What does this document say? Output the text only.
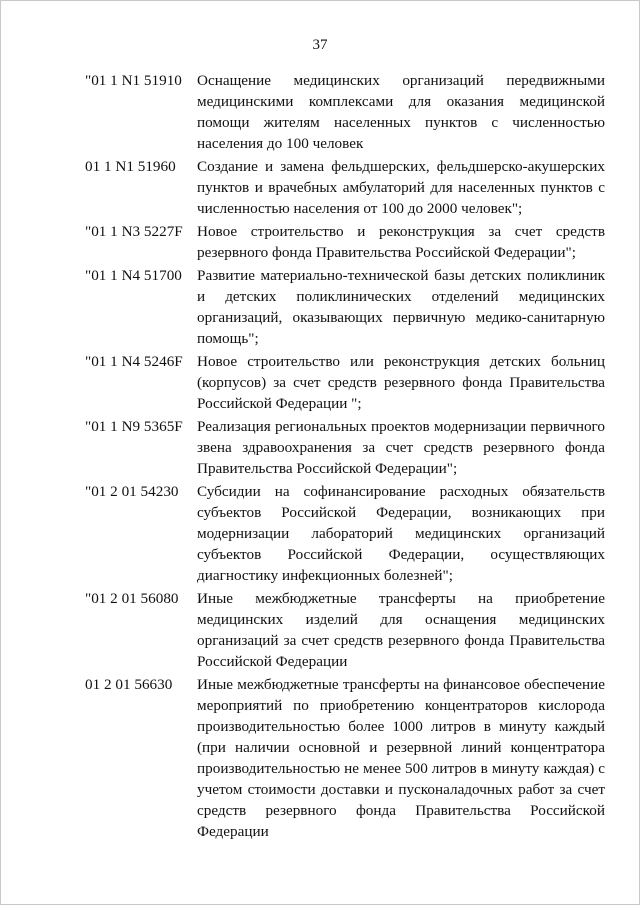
37
"01 1 N1 51910 Оснащение медицинских организаций передвижными медицинскими комплексами для оказания медицинской помощи жителям населенных пунктов с численностью населения до 100 человек
01 1 N1 51960	Создание и замена фельдшерских, фельдшерско-акушерских пунктов и врачебных амбулаторий для населенных пунктов с численностью населения от 100 до 2000 человек";
"01 1 N3 5227F Новое строительство и реконструкция за счет средств резервного фонда Правительства Российской Федерации";
"01 1 N4 51700 Развитие материально-технической базы детских поликлиник и детских поликлинических отделений медицинских организаций, оказывающих первичную медико-санитарную помощь";
"01 1 N4 5246F Новое строительство или реконструкция детских больниц (корпусов) за счет средств резервного фонда Правительства Российской Федерации ";
"01 1 N9 5365F Реализация региональных проектов модернизации первичного звена здравоохранения за счет средств резервного фонда Правительства Российской Федерации";
"01 2 01 54230	Субсидии на софинансирование расходных обязательств субъектов Российской Федерации, возникающих при модернизации лабораторий медицинских организаций субъектов Российской Федерации, осуществляющих диагностику инфекционных болезней";
"01 2 01 56080	Иные межбюджетные трансферты на приобретение медицинских изделий для оснащения медицинских организаций за счет средств резервного фонда Правительства Российской Федерации
01 2 01 56630	Иные межбюджетные трансферты на финансовое обеспечение мероприятий по приобретению концентраторов кислорода производительностью более 1000 литров в минуту каждый (при наличии основной и резервной линий концентратора производительностью не менее 500 литров в минуту каждая) с учетом стоимости доставки и пусконаладочных работ за счет средств резервного фонда Правительства Российской Федерации
